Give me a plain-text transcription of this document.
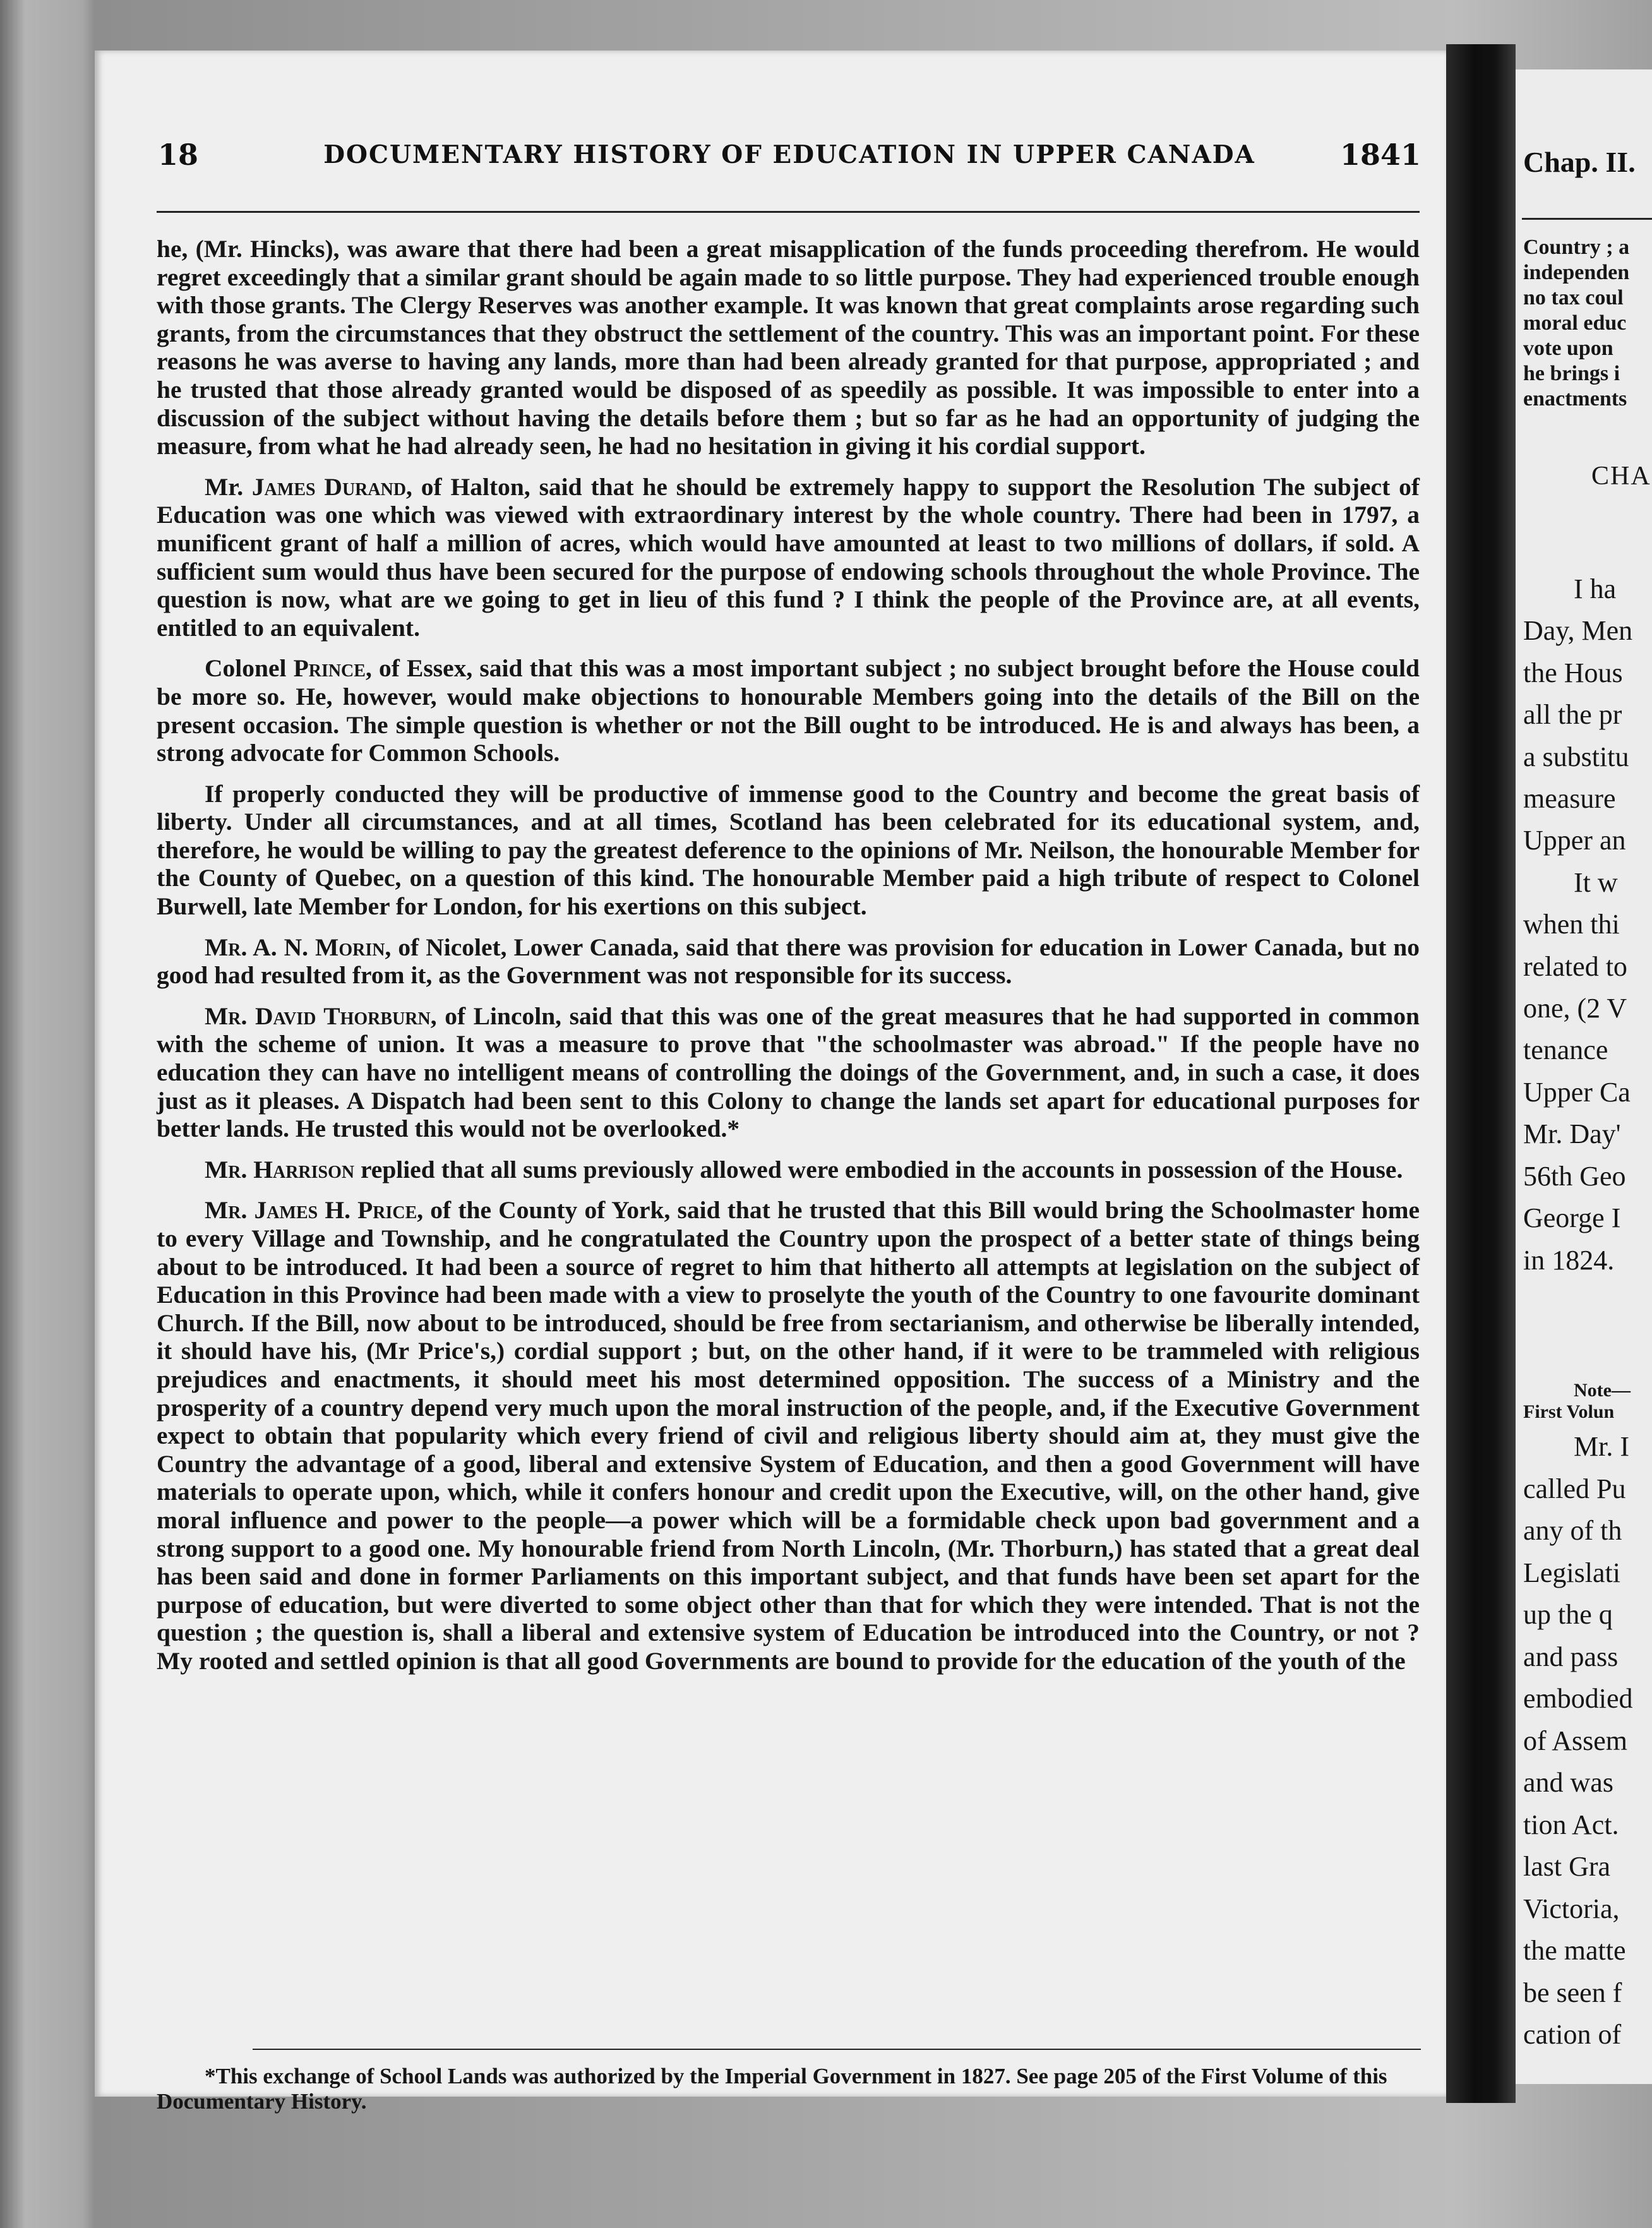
18	DOCUMENTARY HISTORY OF EDUCATION IN UPPER CANADA	1841

he, (Mr. Hincks), was aware that there had been a great misapplication of the funds proceeding therefrom. He would regret exceedingly that a similar grant should be again made to so little purpose. They had experienced trouble enough with those grants. The Clergy Reserves was another example. It was known that great complaints arose regarding such grants, from the circumstances that they obstruct the settlement of the country. This was an important point. For these reasons he was averse to having any lands, more than had been already granted for that purpose, appropriated ; and he trusted that those already granted would be disposed of as speedily as possible. It was impossible to enter into a discussion of the subject without having the details before them ; but so far as he had an opportunity of judging the measure, from what he had already seen, he had no hesitation in giving it his cordial support.

Mr. James Durand, of Halton, said that he should be extremely happy to support the Resolution The subject of Education was one which was viewed with extraordinary interest by the whole country. There had been in 1797, a munificent grant of half a million of acres, which would have amounted at least to two millions of dollars, if sold. A sufficient sum would thus have been secured for the purpose of endowing schools throughout the whole Province. The question is now, what are we going to get in lieu of this fund ? I think the people of the Province are, at all events, entitled to an equivalent.

Colonel Prince, of Essex, said that this was a most important subject ; no subject brought before the House could be more so. He, however, would make objections to honourable Members going into the details of the Bill on the present occasion. The simple question is whether or not the Bill ought to be introduced. He is and always has been, a strong advocate for Common Schools.

If properly conducted they will be productive of immense good to the Country and become the great basis of liberty. Under all circumstances, and at all times, Scotland has been celebrated for its educational system, and, therefore, he would be willing to pay the greatest deference to the opinions of Mr. Neilson, the honourable Member for the County of Quebec, on a question of this kind. The honourable Member paid a high tribute of respect to Colonel Burwell, late Member for London, for his exertions on this subject.

Mr. A. N. Morin, of Nicolet, Lower Canada, said that there was provision for education in Lower Canada, but no good had resulted from it, as the Government was not responsible for its success.

Mr. David Thorburn, of Lincoln, said that this was one of the great measures that he had supported in common with the scheme of union. It was a measure to prove that "the schoolmaster was abroad." If the people have no education they can have no intelligent means of controlling the doings of the Government, and, in such a case, it does just as it pleases. A Dispatch had been sent to this Colony to change the lands set apart for educational purposes for better lands. He trusted this would not be overlooked.*

Mr. Harrison replied that all sums previously allowed were embodied in the accounts in possession of the House.

Mr. James H. Price, of the County of York, said that he trusted that this Bill would bring the Schoolmaster home to every Village and Township, and he congratulated the Country upon the prospect of a better state of things being about to be introduced. It had been a source of regret to him that hitherto all attempts at legislation on the subject of Education in this Province had been made with a view to proselyte the youth of the Country to one favourite dominant Church. If the Bill, now about to be introduced, should be free from sectarianism, and otherwise be liberally intended, it should have his, (Mr Price's,) cordial support ; but, on the other hand, if it were to be trammeled with religious prejudices and enactments, it should meet his most determined opposition. The success of a Ministry and the prosperity of a country depend very much upon the moral instruction of the people, and, if the Executive Government expect to obtain that popularity which every friend of civil and religious liberty should aim at, they must give the Country the advantage of a good, liberal and extensive System of Education, and then a good Government will have materials to operate upon, which, while it confers honour and credit upon the Executive, will, on the other hand, give moral influence and power to the people—a power which will be a formidable check upon bad government and a strong support to a good one. My honourable friend from North Lincoln, (Mr. Thorburn,) has stated that a great deal has been said and done in former Parliaments on this important subject, and that funds have been set apart for the purpose of education, but were diverted to some object other than that for which they were intended. That is not the question ; the question is, shall a liberal and extensive system of Education be introduced into the Country, or not ? My rooted and settled opinion is that all good Governments are bound to provide for the education of the youth of the

*This exchange of School Lands was authorized by the Imperial Government in 1827. See page 205 of the First Volume of this Documentary History.
Chap. II.
Country ; a
independen
no tax coul
moral educ
vote upon
he brings i
enactments
CHA
I ha
Day, Men
the Hous
all the pr
a substitu
measure
Upper an
It w
when thi
related to
one, (2 V
tenance
Upper Ca
Mr. Day'
56th Geo
George I
in 1824.
Note—
First Volun
Mr. I
called Pu
any of th
Legislati
up the q
and pass
embodied
of Assem
and was
tion Act.
last Gra
Victoria,
the matte
be seen f
cation of
